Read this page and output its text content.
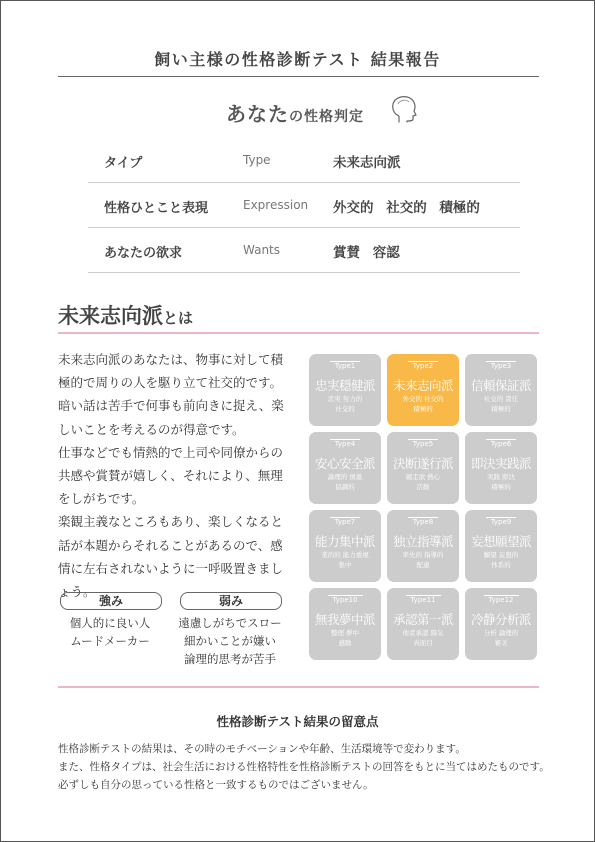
飼い主様の性格診断テスト 結果報告
あなたの性格判定
タイプ	Type	未来志向派
性格ひとこと表現	Expression 外交的 社交的 積極的
あなたの欲求	Wants	賞賛 容認
未来志向派とは

未来志向派のあなたは、物事に対して積極的で周りの人を駆り立て社交的です。

暗い話は苦手で何事も前向きに捉え、楽しいことを考えるのが得意です。

仕事などでも情熱的で上司や同僚からの共感や賞賛が嬉しく、それにより、無理をしがちです。

楽観主義なところもあり、楽しくなると話が本題からそれることがあるので、感情に左右されないように一呼吸置きましょう。

強み
個人的に良い人
ムードメーカー
弱み
遠慮しがちでスロー
細かいことが嫌い
論理的思考が苦手
Type1
忠実穏健派
忠実 努力的
社交的
Type2
未来志向派
外交的 社交的
積極的
Type3
信頼保証派
社交的 責任
積極的
Type4
安心安全派
論理的 慎重
協調的
Type5
決断遂行派
競走欲 熱心
活動
Type6
即決実践派
実践 即決
積極的
Type7
能力集中派
業的的 能力重視
集中
Type8
独立指導派
率先的 指導的
配慮
Type9
妄想願望派
願望 妄想的
体系的
Type10
無我夢中派
整理 夢中
感動
Type11
承認第一派
他者承認 陽気
真面目
Type12
冷静分析派
分析 論理的
審美
性格診断テスト結果の留意点

性格診断テストの結果は、その時のモチベーションや年齢、生活環境等で変わります。

また、性格タイプは、社会生活における性格特性を性格診断テストの回答をもとに当てはめたものです。

必ずしも自分の思っている性格と一致するものではございません。
